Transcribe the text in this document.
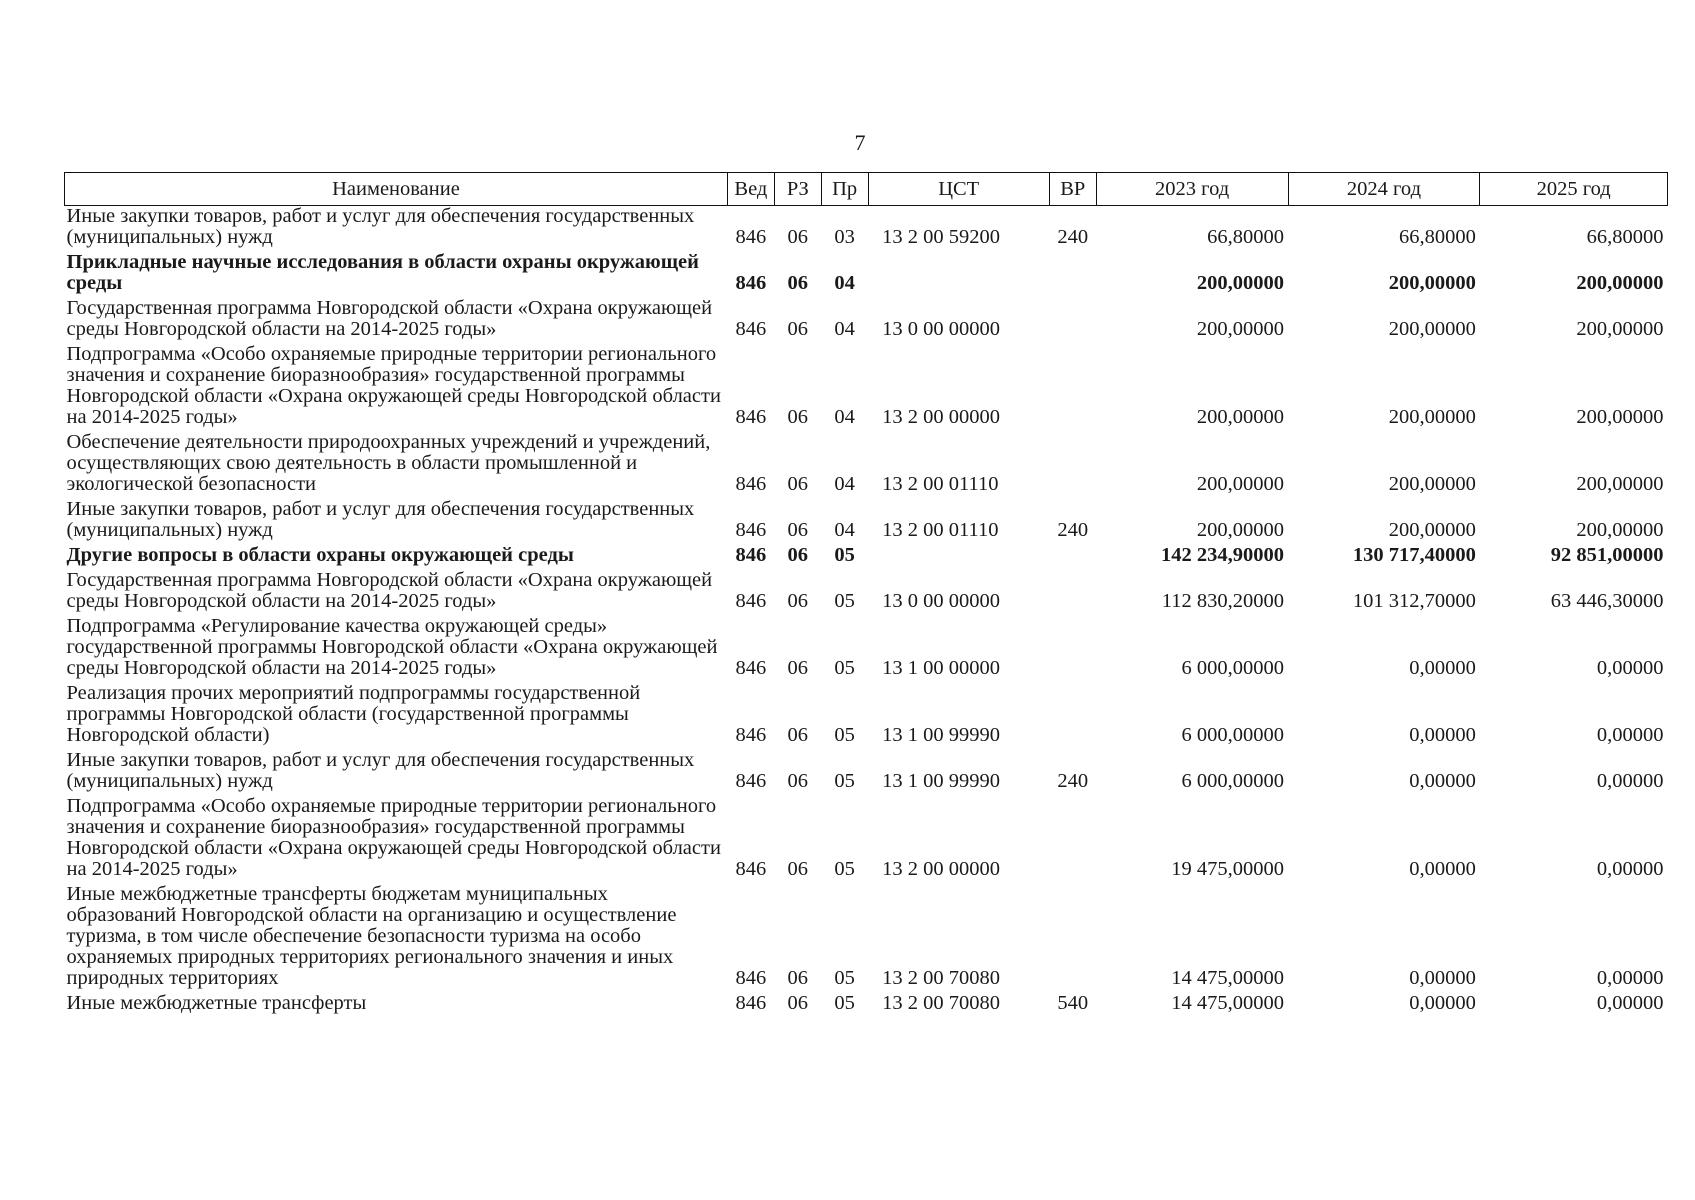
7
Наименование	Вед	РЗ	Пр	ЦСТ	ВР	2023 год	2024 год	2025 год
Иные закупки товаров, работ и услуг для обеспечения государственных (муниципальных) нужд	846	06	03	13 2 00 59200	240	66,80000	66,80000	66,80000
Прикладные научные исследования в области охраны окружающей среды	846	06	04			200,00000	200,00000	200,00000
Государственная программа Новгородской области «Охрана окружающей среды Новгородской области на 2014-2025 годы»	846	06	04	13 0 00 00000		200,00000	200,00000	200,00000
Подпрограмма «Особо охраняемые природные территории регионального значения и сохранение биоразнообразия» государственной программы Новгородской области «Охрана окружающей среды Новгородской области на 2014-2025 годы»	846	06	04	13 2 00 00000		200,00000	200,00000	200,00000
Обеспечение деятельности природоохранных учреждений и учреждений, осуществляющих свою деятельность в области промышленной и экологической безопасности	846	06	04	13 2 00 01110		200,00000	200,00000	200,00000
Иные закупки товаров, работ и услуг для обеспечения государственных (муниципальных) нужд	846	06	04	13 2 00 01110	240	200,00000	200,00000	200,00000
Другие вопросы в области охраны окружающей среды	846	06	05			142 234,90000	130 717,40000	92 851,00000
Государственная программа Новгородской области «Охрана окружающей среды Новгородской области на 2014-2025 годы»	846	06	05	13 0 00 00000		112 830,20000	101 312,70000	63 446,30000
Подпрограмма «Регулирование качества окружающей среды» государственной программы Новгородской области «Охрана окружающей среды Новгородской области на 2014-2025 годы»	846	06	05	13 1 00 00000		6 000,00000	0,00000	0,00000
Реализация прочих мероприятий подпрограммы государственной программы Новгородской области (государственной программы Новгородской области)	846	06	05	13 1 00 99990		6 000,00000	0,00000	0,00000
Иные закупки товаров, работ и услуг для обеспечения государственных (муниципальных) нужд	846	06	05	13 1 00 99990	240	6 000,00000	0,00000	0,00000
Подпрограмма «Особо охраняемые природные территории регионального значения и сохранение биоразнообразия» государственной программы Новгородской области «Охрана окружающей среды Новгородской области на 2014-2025 годы»	846	06	05	13 2 00 00000		19 475,00000	0,00000	0,00000
Иные межбюджетные трансферты бюджетам муниципальных образований Новгородской области на организацию и осуществление туризма, в том числе обеспечение безопасности туризма на особо охраняемых природных территориях регионального значения и иных природных территориях	846	06	05	13 2 00 70080		14 475,00000	0,00000	0,00000
Иные межбюджетные трансферты	846	06	05	13 2 00 70080	540	14 475,00000	0,00000	0,00000
